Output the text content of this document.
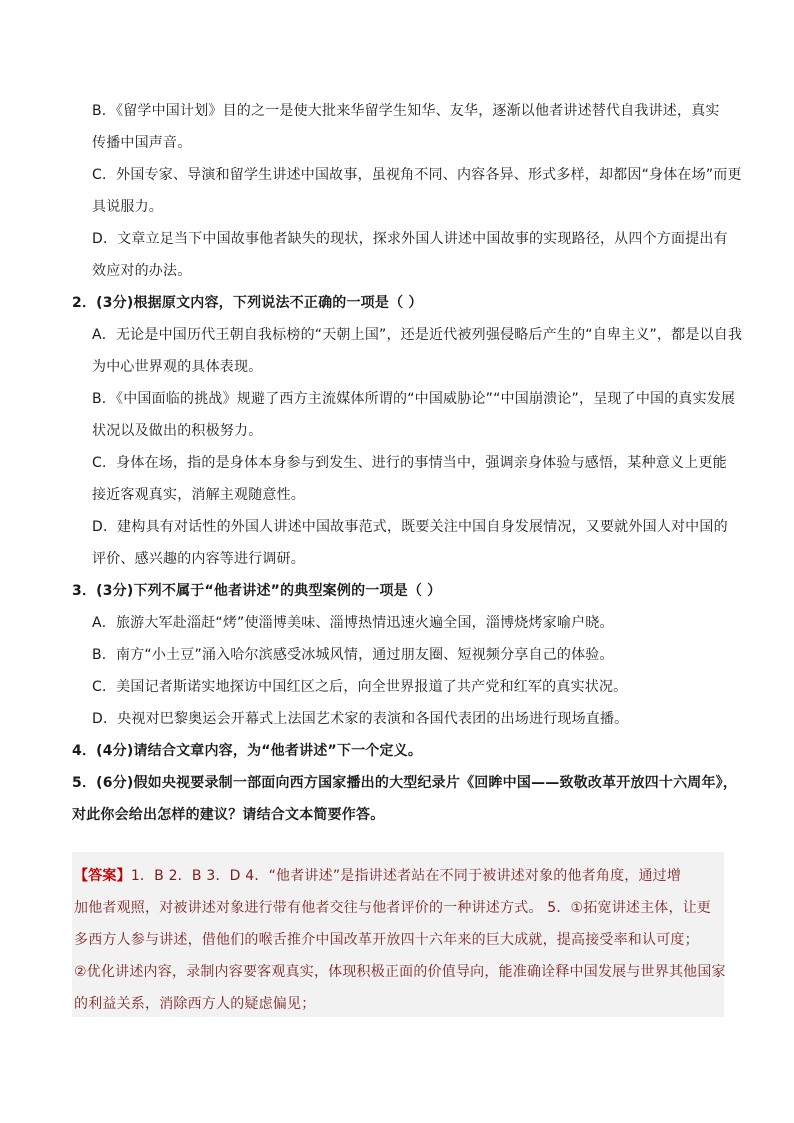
B．《留学中国计划》目的之一是使大批来华留学生知华、友华，逐渐以他者讲述替代自我讲述，真实
传播中国声音。
C．外国专家、导演和留学生讲述中国故事，虽视角不同、内容各异、形式多样，却都因“身体在场”而更
具说服力。
D．文章立足当下中国故事他者缺失的现状，探求外国人讲述中国故事的实现路径，从四个方面提出有
效应对的办法。
2．(3分)根据原文内容，下列说法不正确的一项是（ ）
A．无论是中国历代王朝自我标榜的“天朝上国”，还是近代被列强侵略后产生的“自卑主义”，都是以自我
为中心世界观的具体表现。
B．《中国面临的挑战》规避了西方主流媒体所谓的“中国威胁论”“中国崩溃论”，呈现了中国的真实发展
状况以及做出的积极努力。
C．身体在场，指的是身体本身参与到发生、进行的事情当中，强调亲身体验与感悟，某种意义上更能
接近客观真实，消解主观随意性。
D．建构具有对话性的外国人讲述中国故事范式，既要关注中国自身发展情况，又要就外国人对中国的
评价、感兴趣的内容等进行调研。
3．(3分)下列不属于“他者讲述”的典型案例的一项是（ ）
A．旅游大军赴淄赶“烤”使淄博美味、淄博热情迅速火遍全国，淄博烧烤家喻户晓。
B．南方“小土豆”涌入哈尔滨感受冰城风情，通过朋友圈、短视频分享自己的体验。
C．美国记者斯诺实地探访中国红区之后，向全世界报道了共产党和红军的真实状况。
D．央视对巴黎奥运会开幕式上法国艺术家的表演和各国代表团的出场进行现场直播。
4．(4分)请结合文章内容，为“他者讲述”下一个定义。
5．(6分)假如央视要录制一部面向西方国家播出的大型纪录片《回眸中国——致敬改革开放四十六周年》，
对此你会给出怎样的建议？请结合文本简要作答。
【答案】1．B 2．B 3．D 4．“他者讲述”是指讲述者站在不同于被讲述对象的他者角度，通过增
加他者观照，对被讲述对象进行带有他者交往与他者评价的一种讲述方式。 5．①拓宽讲述主体，让更
多西方人参与讲述，借他们的喉舌推介中国改革开放四十六年来的巨大成就，提高接受率和认可度；
②优化讲述内容，录制内容要客观真实，体现积极正面的价值导向，能准确诠释中国发展与世界其他国家
的利益关系，消除西方人的疑虑偏见；
